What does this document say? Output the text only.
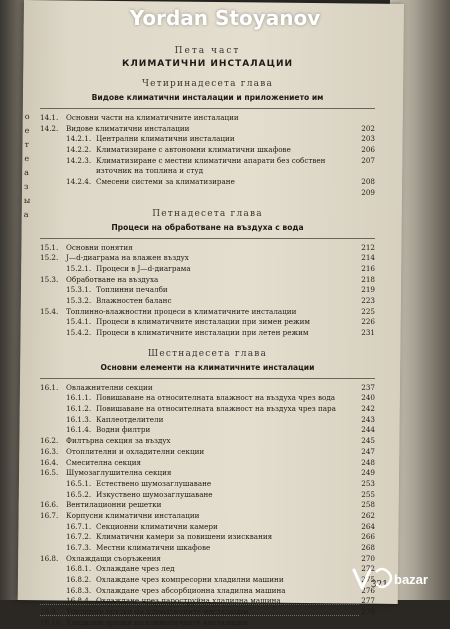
о
е
т
е
а
з
ы
а
Пета част
КЛИМАТИЧНИ ИНСТАЛАЦИИ
Четиринадесета глава
Видове климатични инсталации и приложението им
14.1. Основни части на климатичните инсталации
14.2. Видове климатични инсталации	202
14.2.1. Централни климатични инсталации	203
14.2.2. Климатизиране с автономни климатични шкафове	206
14.2.3. Климатизиране с местни климатични апарати без собствен	207
източник на топлина и студ
14.2.4. Смесени системи за климатизиране	208
209
Петнадесета глава
Процеси на обработване на въздуха с вода
15.1. Основни понятия	212
15.2. J—d-диаграма на влажен въздух	214
15.2.1. Процеси в J—d-диаграма	216
15.3. Обработване на въздуха	218
15.3.1. Топлинни печалби	219
15.3.2. Влажностен баланс	223
15.4. Топлинно-влажностни процеси в климатичните инсталации	225
15.4.1. Процеси в климатичните инсталации при зимен режим	226
15.4.2. Процеси в климатичните инсталации при летен режим	231
Шестнадесета глава
Основни елементи на климатичните инсталации
16.1. Овлажнителни секции	237
16.1.1. Повишаване на относителната влажност на въздуха чрез вода	240
16.1.2. Повишаване на относителната влажност на въздуха чрез пара	242
16.1.3. Каплеотделители	243
16.1.4. Водни филтри	244
16.2. Филтърна секция за въздух	245
16.3. Отоплителни и охладителни секции	247
16.4. Смесителна секция	248
16.5. Шумозаглушителна секция	249
16.5.1. Естествено шумозаглушаване	253
16.5.2. Изкуствено шумозаглушаване	255
16.6. Вентилационни решетки	258
16.7. Корпусни климатични инсталации	262
16.7.1. Секционни климатични камери	264
16.7.2. Климатични камери за повишени изисквания	266
16.7.3. Местни климатични шкафове	268
16.8. Охлаждащи съоръжения	270
16.8.1. Охлаждане чрез лед	272
16.8.2. Охлаждане чрез компресорни хладилни машини	275
16.8.3. Охлаждане чрез абсорбционна хладилна машина	276
16.8.4. Охлаждане чрез пароструйна хладилна машина	277
16.9. Топлинни връзки на климатичните инсталации	279
16.10. Хладилни връзки на климатичните инсталации
321
Yordan Stoyanov
bazar
